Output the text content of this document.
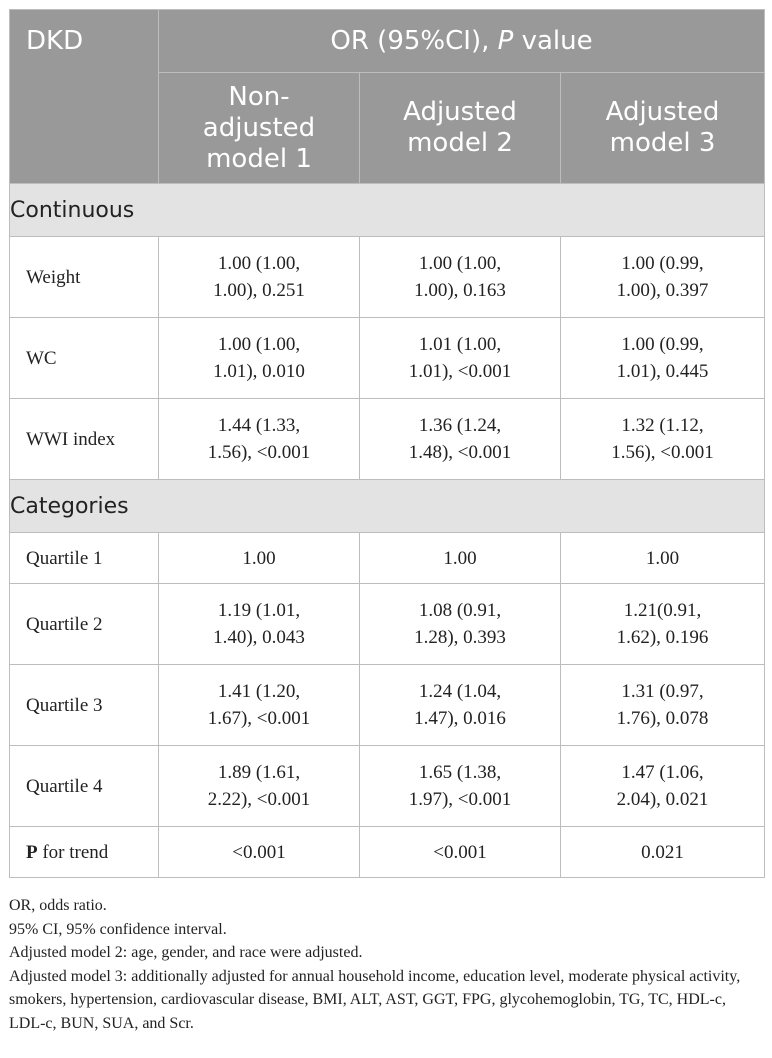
DKD	OR (95%CI), P value		
	Non-
adjusted
model 1	Adjusted
model 2	Adjusted
model 3
Continuous			
Weight	1.00 (1.00,
1.00), 0.251	1.00 (1.00,
1.00), 0.163	1.00 (0.99,
1.00), 0.397
WC	1.00 (1.00,
1.01), 0.010	1.01 (1.00,
1.01), <0.001	1.00 (0.99,
1.01), 0.445
WWI index	1.44 (1.33,
1.56), <0.001	1.36 (1.24,
1.48), <0.001	1.32 (1.12,
1.56), <0.001
Categories			
Quartile 1	1.00	1.00	1.00
Quartile 2	1.19 (1.01,
1.40), 0.043	1.08 (0.91,
1.28), 0.393	1.21(0.91,
1.62), 0.196
Quartile 3	1.41 (1.20,
1.67), <0.001	1.24 (1.04,
1.47), 0.016	1.31 (0.97,
1.76), 0.078
Quartile 4	1.89 (1.61,
2.22), <0.001	1.65 (1.38,
1.97), <0.001	1.47 (1.06,
2.04), 0.021
P for trend	<0.001	<0.001	0.021
OR, odds ratio.
95% CI, 95% confidence interval.
Adjusted model 2: age, gender, and race were adjusted.
Adjusted model 3: additionally adjusted for annual household income, education level, moderate physical activity, smokers, hypertension, cardiovascular disease, BMI, ALT, AST, GGT, FPG, glycohemoglobin, TG, TC, HDL-c, LDL-c, BUN, SUA, and Scr.
